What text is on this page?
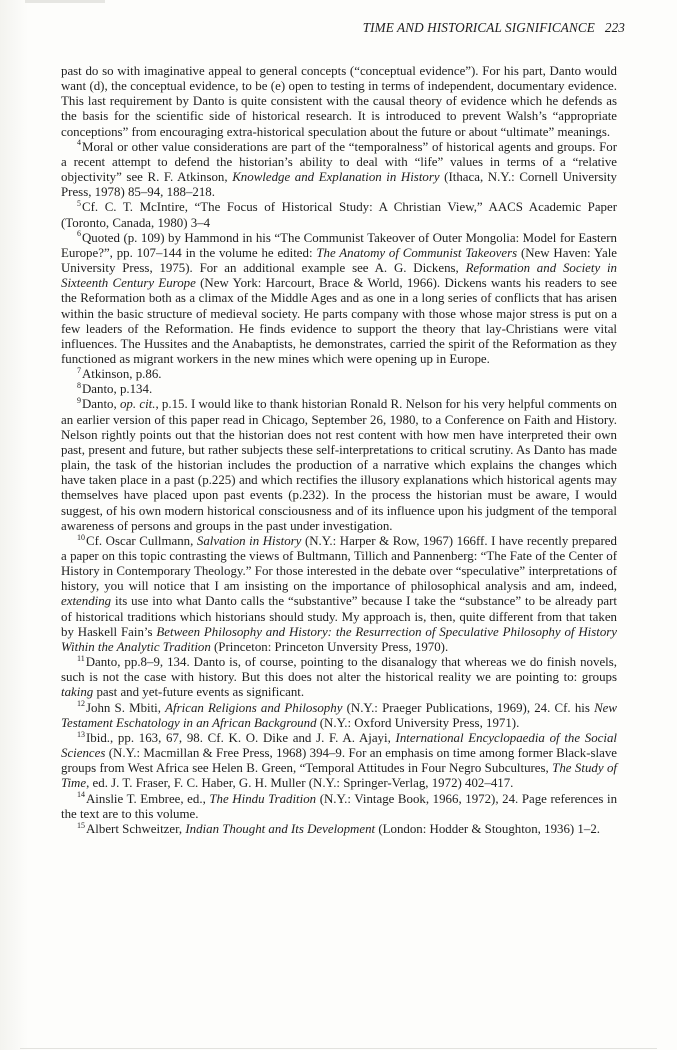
TIME AND HISTORICAL SIGNIFICANCE 223

past do so with imaginative appeal to general concepts (“conceptual evidence”). For his part, Danto would want (d), the conceptual evidence, to be (e) open to testing in terms of independent, documentary evidence. This last requirement by Danto is quite consistent with the causal theory of evidence which he defends as the basis for the scientific side of historical research. It is introduced to prevent Walsh’s “appropriate conceptions” from encouraging extra-historical speculation about the future or about “ultimate” meanings.

$^4$Moral or other value considerations are part of the “temporalness” of historical agents and groups. For a recent attempt to defend the historian’s ability to deal with “life” values in terms of a “relative objectivity” see R. F. Atkinson, Knowledge and Explanation in History (Ithaca, N.Y.: Cornell University Press, 1978) 85–94, 188–218.

$^5$Cf. C. T. McIntire, “The Focus of Historical Study: A Christian View,” AACS Academic Paper (Toronto, Canada, 1980) 3–4

$^6$Quoted (p. 109) by Hammond in his “The Communist Takeover of Outer Mongolia: Model for Eastern Europe?”, pp. 107–144 in the volume he edited: The Anatomy of Communist Takeovers (New Haven: Yale University Press, 1975). For an additional example see A. G. Dickens, Reformation and Society in Sixteenth Century Europe (New York: Harcourt, Brace & World, 1966). Dickens wants his readers to see the Reformation both as a climax of the Middle Ages and as one in a long series of conflicts that has arisen within the basic structure of medieval society. He parts company with those whose major stress is put on a few leaders of the Reformation. He finds evidence to support the theory that lay-Christians were vital influences. The Hussites and the Anabaptists, he demonstrates, carried the spirit of the Reformation as they functioned as migrant workers in the new mines which were opening up in Europe.

$^7$Atkinson, p.86.

$^8$Danto, p.134.

$^9$Danto, op. cit., p.15. I would like to thank historian Ronald R. Nelson for his very helpful comments on an earlier version of this paper read in Chicago, September 26, 1980, to a Conference on Faith and History. Nelson rightly points out that the historian does not rest content with how men have interpreted their own past, present and future, but rather subjects these self-interpretations to critical scrutiny. As Danto has made plain, the task of the historian includes the production of a narrative which explains the changes which have taken place in a past (p.225) and which rectifies the illusory explanations which historical agents may themselves have placed upon past events (p.232). In the process the historian must be aware, I would suggest, of his own modern historical consciousness and of its influence upon his judgment of the temporal awareness of persons and groups in the past under investigation.

$^{10}$Cf. Oscar Cullmann, Salvation in History (N.Y.: Harper & Row, 1967) 166ff. I have recently prepared a paper on this topic contrasting the views of Bultmann, Tillich and Pannenberg: “The Fate of the Center of History in Contemporary Theology.” For those interested in the debate over “speculative” interpretations of history, you will notice that I am insisting on the importance of philosophical analysis and am, indeed, extending its use into what Danto calls the “substantive” because I take the “substance” to be already part of historical traditions which historians should study. My approach is, then, quite different from that taken by Haskell Fain’s Between Philosophy and History: the Resurrection of Speculative Philosophy of History Within the Analytic Tradition (Princeton: Princeton Unversity Press, 1970).

$^{11}$Danto, pp.8–9, 134. Danto is, of course, pointing to the disanalogy that whereas we do finish novels, such is not the case with history. But this does not alter the historical reality we are pointing to: groups taking past and yet-future events as significant.

$^{12}$John S. Mbiti, African Religions and Philosophy (N.Y.: Praeger Publications, 1969), 24. Cf. his New Testament Eschatology in an African Background (N.Y.: Oxford University Press, 1971).

$^{13}$Ibid., pp. 163, 67, 98. Cf. K. O. Dike and J. F. A. Ajayi, International Encyclopaedia of the Social Sciences (N.Y.: Macmillan & Free Press, 1968) 394–9. For an emphasis on time among former Black-slave groups from West Africa see Helen B. Green, “Temporal Attitudes in Four Negro Subcultures, The Study of Time, ed. J. T. Fraser, F. C. Haber, G. H. Muller (N.Y.: Springer-Verlag, 1972) 402–417.

$^{14}$Ainslie T. Embree, ed., The Hindu Tradition (N.Y.: Vintage Book, 1966, 1972), 24. Page references in the text are to this volume.

$^{15}$Albert Schweitzer, Indian Thought and Its Development (London: Hodder & Stoughton, 1936) 1–2.
